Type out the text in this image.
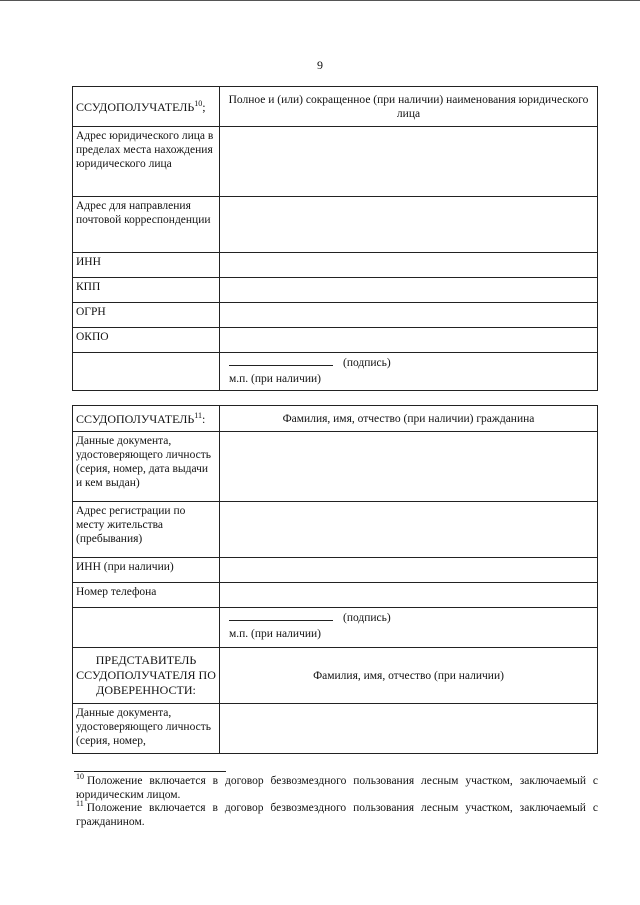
9
ССУДОПОЛУЧАТЕЛЬ$^{10}$;	Полное и (или) сокращенное (при наличии) наименования юридического лица
Адрес юридического лица в пределах места нахождения юридического лица	
Адрес для направления почтовой корреспонденции	
ИНН	
КПП	
ОГРН	
ОКПО	

	(подпись)
м.п. (при наличии)
ССУДОПОЛУЧАТЕЛЬ$^{11}$:	Фамилия, имя, отчество (при наличии) гражданина
Данные документа, удостоверяющего личность (серия, номер, дата выдачи и кем выдан)	
Адрес регистрации по месту жительства (пребывания)	
ИНН (при наличии)	
Номер телефона	

	(подпись)
м.п. (при наличии)

ПРЕДСТАВИТЕЛЬ ССУДОПОЛУЧАТЕЛЯ ПО ДОВЕРЕННОСТИ:	Фамилия, имя, отчество (при наличии)
Данные документа, удостоверяющего личность (серия, номер,	

$^{10}$ Положение включается в договор безвозмездного пользования лесным участком, заключаемый с юридическим лицом.

$^{11}$ Положение включается в договор безвозмездного пользования лесным участком, заключаемый с гражданином.
